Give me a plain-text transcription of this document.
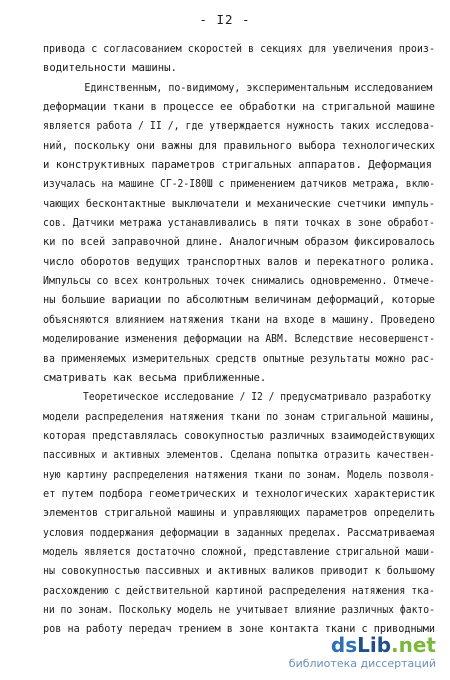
- I2 -
привода с согласованием скоростей в секциях для увеличения произ-
водительности машины.
Единственным, по-видимому, экспериментальным исследованием
деформации ткани в процессе ее обработки на стригальной машине
является работа / II /, где утверждается нужность таких исследова-
ний, поскольку они важны для правильного выбора технологических
и конструктивных параметров стригальных аппаратов. Деформация
изучалась на машине СГ-2-I80Ш с применением датчиков метража, вклю-
чающих бесконтактные выключатели и механические счетчики импуль-
сов. Датчики метража устанавливались в пяти точках в зоне обработ-
ки по всей заправочной длине. Аналогичным образом фиксировалось
число оборотов ведущих транспортных валов и перекатного ролика.
Импульсы со всех контрольных точек снимались одновременно. Отмече-
ны большие вариации по абсолютным величинам деформаций, которые
объясняются влиянием натяжения ткани на входе в машину. Проведено
моделирование изменения деформации на АВМ. Вследствие несовершенст-
ва применяемых измерительных средств опытные результаты можно рас-
сматривать как весьма приближенные.
Теоретическое исследование / I2 / предусматривало разработку
модели распределения натяжения ткани по зонам стригальной машины,
которая представлялась совокупностью различных взаимодействующих
пассивных и активных элементов. Сделана попытка отразить качествен-
ную картину распределения натяжения ткани по зонам. Модель позволя-
ет путем подбора геометрических и технологических характеристик
элементов стригальной машины и управляющих параметров определить
условия поддержания деформации в заданных пределах. Рассматриваемая
модель является достаточно сложной, представление стригальной маши-
ны совокупностью пассивных и активных валиков приводит к большому
расхождению с действительной картиной распределения натяжения тка-
ни по зонам. Поскольку модель не учитывает влияние различных факто-
ров на работу передач трением в зоне контакта ткани с приводными
dsLib.net
библиотека диссертаций
